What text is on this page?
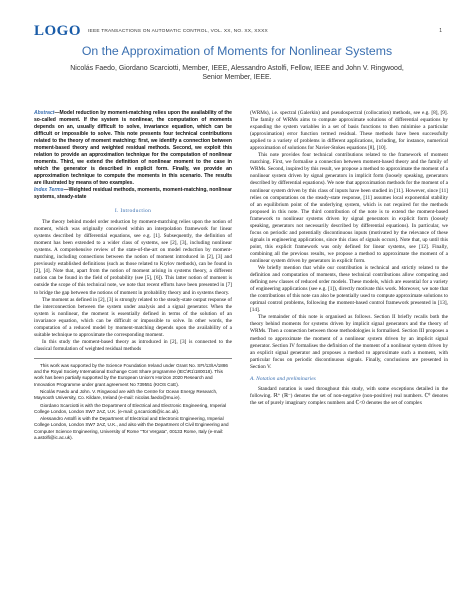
LOGO IEEE TRANSACTIONS ON AUTOMATIC CONTROL, VOL. XX, NO. XX, XXXX	1
On the Approximation of Moments for Nonlinear Systems
Nicolás Faedo, Giordano Scarciotti, Member, IEEE, Alessandro Astolfi, Fellow, IEEE and John V. Ringwood,
Senior Member, IEEE.

Abstract—Model reduction by moment-matching relies upon the availability of the so-called moment. If the system is nonlinear, the computation of moments depends on an, usually difficult to solve, invariance equation, which can be difficult or impossible to solve. This note presents four technical contributions related to the theory of moment matching: first, we identify a connection between moment-based theory and weighted residual methods. Second, we exploit this relation to provide an approximation technique for the computation of nonlinear moments. Third, we extend the definition of nonlinear moment to the case in which the generator is described in explicit form. Finally, we provide an approximation technique to compute the moments in this scenario. The results are illustrated by means of two examples.

Index Terms—Weighted residual methods, moments, moment-matching, nonlinear systems, steady-state

I. Introduction

The theory behind model order reduction by moment-matching relies upon the notion of moment, which was originally conceived within an interpolation framework for linear systems described by differential equations, see e.g. [1]. Subsequently, the definition of moment has been extended to a wider class of systems, see [2], [3], including nonlinear systems. A comprehensive review of the state-of-the-art on model reduction by moment-matching, including connections between the notion of moment introduced in [2], [3] and previously established definitions (such as those related to Krylov methods), can be found in [2], [4]. Note that, apart from the notion of moment arising in systems theory, a different notion can be found in the field of probability (see [5], [6]). This latter notion of moment is outside the scope of this technical note, we note that recent efforts have been presented in [7] to bridge the gap between the notions of moment in probability theory and in systems theory.

The moment as defined in [2], [3] is strongly related to the steady-state output response of the interconnection between the system under analysis and a signal generator. When the system is nonlinear, the moment is essentially defined in terms of the solution of an invariance equation, which can be difficult or impossible to solve. In other words, the computation of a reduced model by moment-matching depends upon the availability of a suitable technique to approximate the corresponding moment.

In this study the moment-based theory as introduced in [2], [3] is connected to the classical formulation of weighted residual methods

This work was supported by the Science Foundation Ireland under Grant No. SFI/13/IA/1886 and the Royal Society International Exchange Cost Share programme (IEC\R1\180018). This work has been partially supported by the European Union's Horizon 2020 Research and Innovation Programme under grant agreement No 739551 (KIOS CoE).

Nicolás Faedo and John. V. Ringwood are with the Centre for Ocean Energy Research, Maynooth University, Co. Kildare, Ireland (e-mail: nicolas.faedo@mu.ie).

Giordano Scarciotti is with the Department of Electrical and Electronic Engineering, Imperial College London, London SW7 2AZ, U.K. (e-mail: g.scarciotti@ic.ac.uk).

Alessandro Astolfi is with the Department of Electrical and Electronic Engineering, Imperial College London, London SW7 2AZ, U.K., and also with the Department of Civil Engineering and Computer Science Engineering, University of Rome "Tor Vergata", 00133 Rome, Italy (e-mail: a.astolfi@ic.ac.uk).

(WRMs), i.e. spectral (Galerkin) and pseudospectral (collocation) methods, see e.g. [8], [9]. The family of WRMs aims to compute approximate solutions of differential equations by expanding the system variables in a set of basis functions to then minimise a particular (approximation) error function termed residual. These methods have been successfully applied to a variety of problems in different applications, including, for instance, numerical approximation of solutions for Navier-Stokes equations [8], [10].

This note provides four technical contributions related to the framework of moment matching. First, we formalise a connection between moment-based theory and the family of WRMs. Second, inspired by this result, we propose a method to approximate the moment of a nonlinear system driven by signal generators in implicit form (loosely speaking, generators described by differential equations). We note that approximation methods for the moment of a nonlinear system driven by this class of inputs have been studied in [11]. However, since [11] relies on computations on the steady-state response, [11] assumes local exponential stability of an equilibrium point of the underlying system, which is not required for the methods proposed in this note. The third contribution of the note is to extend the moment-based framework to nonlinear systems driven by signal generators in explicit form (loosely speaking, generators not necessarily described by differential equations). In particular, we focus on periodic and potentially discontinuous inputs (motivated by the relevance of these signals in engineering applications, since this class of signals occurs). Note that, up until this point, this explicit framework was only defined for linear systems, see [12]. Finally, combining all the previous results, we propose a method to approximate the moment of a nonlinear system driven by generators in explicit form.

We briefly mention that while our contribution is technical and strictly related to the definition and computation of moments, these technical contributions allow computing and defining new classes of reduced order models. These models, which are essential for a variety of engineering applications (see e.g. [1]), directly motivate this work. Moreover, we note that the contributions of this note can also be potentially used to compute approximate solutions to optimal control problems, following the moment-based control framework presented in [13], [14].

The remainder of this note is organised as follows. Section II briefly recalls both the theory behind moments for systems driven by implicit signal generators and the theory of WRMs. Then a connection between those methodologies is formalised. Section III proposes a method to approximate the moment of a nonlinear system driven by an implicit signal generator. Section IV formalises the definition of the moment of a nonlinear system driven by an explicit signal generator and proposes a method to approximate such a moment, with particular focus on periodic discontinuous signals. Finally, conclusions are presented in Section V.

A. Notation and preliminaries

Standard notation is used throughout this study, with some exceptions detailed in the following. ℝ⁺ (ℝ⁻) denotes the set of non-negative (non-positive) real numbers. ℂ⁰ denotes the set of purely imaginary complex numbers and ℂ<0 denotes the set of complex
